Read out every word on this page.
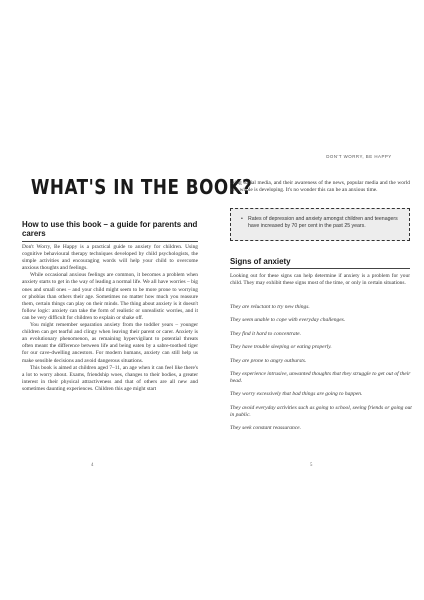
WHAT'S IN THE BOOK?
How to use this book – a guide for parents and carers

Don't Worry, Be Happy is a practical guide to anxiety for children. Using cognitive behavioural therapy techniques developed by child psychologists, the simple activities and encouraging words will help your child to overcome anxious thoughts and feelings.

While occasional anxious feelings are common, it becomes a problem when anxiety starts to get in the way of leading a normal life. We all have worries – big ones and small ones – and your child might seem to be more prone to worrying or phobias than others their age. Sometimes no matter how much you reassure them, certain things can play on their minds. The thing about anxiety is it doesn't follow logic: anxiety can take the form of realistic or unrealistic worries, and it can be very difficult for children to explain or shake off.

You might remember separation anxiety from the toddler years – younger children can get tearful and clingy when leaving their parent or carer. Anxiety is an evolutionary phenomenon, as remaining hypervigilant to potential threats often meant the difference between life and being eaten by a sabre-toothed tiger for our cave-dwelling ancestors. For modern humans, anxiety can still help us make sensible decisions and avoid dangerous situations.

This book is aimed at children aged 7–11, an age when it can feel like there's a lot to worry about. Exams, friendship woes, changes to their bodies, a greater interest in their physical attractiveness and that of others are all new and sometimes daunting experiences. Children this age might start

4
DON'T WORRY, BE HAPPY

using social media, and their awareness of the news, popular media and the world as a whole is developing. It's no wonder this can be an anxious time.

• Rates of depression and anxiety amongst children and teenagers have increased by 70 per cent in the past 25 years.
Signs of anxiety

Looking out for these signs can help determine if anxiety is a problem for your child. They may exhibit these signs most of the time, or only in certain situations.

They are reluctant to try new things.
They seem unable to cope with everyday challenges.
They find it hard to concentrate.
They have trouble sleeping or eating properly.
They are prone to angry outbursts.
They experience intrusive, unwanted thoughts that they struggle to get out of their head.
They worry excessively that bad things are going to happen.
They avoid everyday activities such as going to school, seeing friends or going out in public.
They seek constant reassurance.
5
